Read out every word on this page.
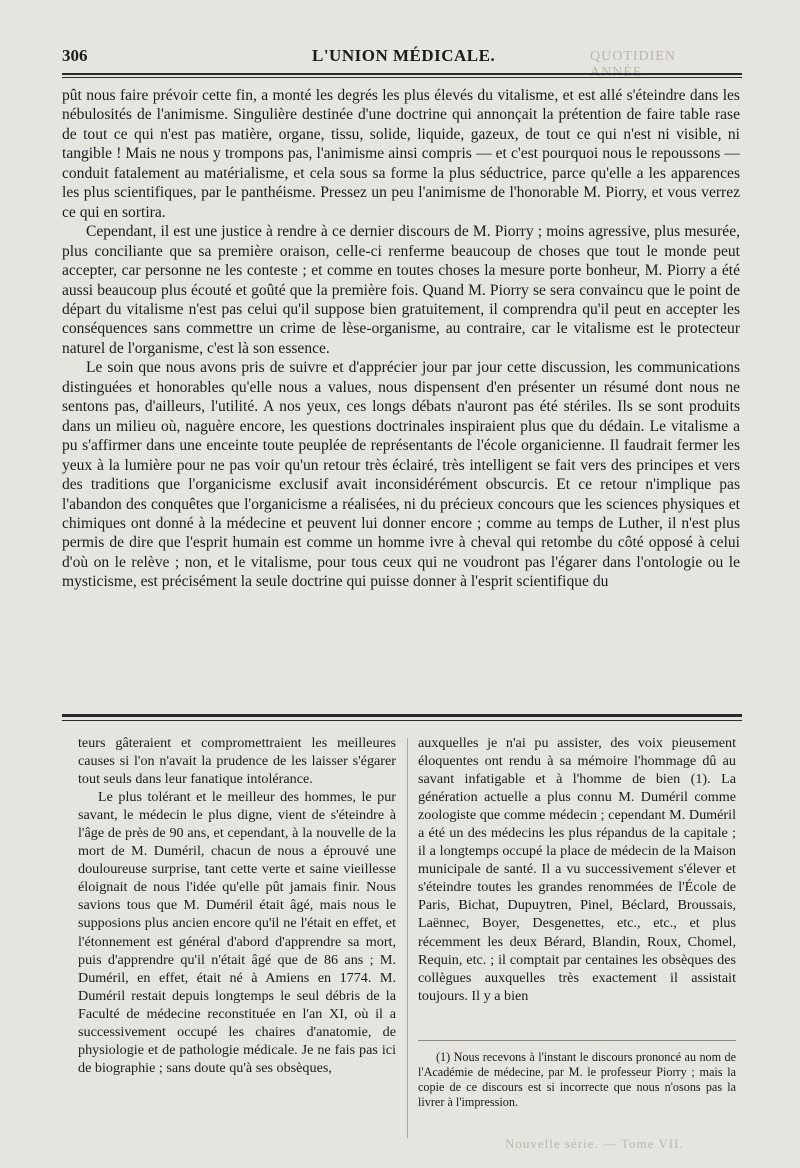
306	L'UNION MÉDICALE.	QUOTIDIEN

pût nous faire prévoir cette fin, a monté les degrés les plus élevés du vitalisme, et est allé s'éteindre dans les nébulosités de l'animisme. Singulière destinée d'une doctrine qui annonçait la prétention de faire table rase de tout ce qui n'est pas matière, organe, tissu, solide, liquide, gazeux, de tout ce qui n'est ni visible, ni tangible ! Mais ne nous y trompons pas, l'animisme ainsi compris — et c'est pourquoi nous le repoussons — conduit fatalement au matérialisme, et cela sous sa forme la plus séductrice, parce qu'elle a les apparences les plus scientifiques, par le panthéisme. Pressez un peu l'animisme de l'honorable M. Piorry, et vous verrez ce qui en sortira.

Cependant, il est une justice à rendre à ce dernier discours de M. Piorry ; moins agressive, plus mesurée, plus conciliante que sa première oraison, celle-ci renferme beaucoup de choses que tout le monde peut accepter, car personne ne les conteste ; et comme en toutes choses la mesure porte bonheur, M. Piorry a été aussi beaucoup plus écouté et goûté que la première fois. Quand M. Piorry se sera convaincu que le point de départ du vitalisme n'est pas celui qu'il suppose bien gratuitement, il comprendra qu'il peut en accepter les conséquences sans commettre un crime de lèse-organisme, au contraire, car le vitalisme est le protecteur naturel de l'organisme, c'est là son essence.

Le soin que nous avons pris de suivre et d'apprécier jour par jour cette discussion, les communications distinguées et honorables qu'elle nous a values, nous dispensent d'en présenter un résumé dont nous ne sentons pas, d'ailleurs, l'utilité. A nos yeux, ces longs débats n'auront pas été stériles. Ils se sont produits dans un milieu où, naguère encore, les questions doctrinales inspiraient plus que du dédain. Le vitalisme a pu s'affirmer dans une enceinte toute peuplée de représentants de l'école organicienne. Il faudrait fermer les yeux à la lumière pour ne pas voir qu'un retour très éclairé, très intelligent se fait vers des principes et vers des traditions que l'organicisme exclusif avait inconsidérément obscurcis. Et ce retour n'implique pas l'abandon des conquêtes que l'organicisme a réalisées, ni du précieux concours que les sciences physiques et chimiques ont donné à la médecine et peuvent lui donner encore ; comme au temps de Luther, il n'est plus permis de dire que l'esprit humain est comme un homme ivre à cheval qui retombe du côté opposé à celui d'où on le relève ; non, et le vitalisme, pour tous ceux qui ne voudront pas l'égarer dans l'ontologie ou le mysticisme, est précisément la seule doctrine qui puisse donner à l'esprit scientifique du

teurs gâteraient et compromettraient les meilleures causes si l'on n'avait la prudence de les laisser s'égarer tout seuls dans leur fanatique intolérance.

Le plus tolérant et le meilleur des hommes, le pur savant, le médecin le plus digne, vient de s'éteindre à l'âge de près de 90 ans, et cependant, à la nouvelle de la mort de M. Duméril, chacun de nous a éprouvé une douloureuse surprise, tant cette verte et saine vieillesse éloignait de nous l'idée qu'elle pût jamais finir. Nous savions tous que M. Duméril était âgé, mais nous le supposions plus ancien encore qu'il ne l'était en effet, et l'étonnement est général d'abord d'apprendre sa mort, puis d'apprendre qu'il n'était âgé que de 86 ans ; M. Duméril, en effet, était né à Amiens en 1774. M. Duméril restait depuis longtemps le seul débris de la Faculté de médecine reconstituée en l'an XI, où il a successivement occupé les chaires d'anatomie, de physiologie et de pathologie médicale. Je ne fais pas ici de biographie ; sans doute qu'à ses obsèques,

auxquelles je n'ai pu assister, des voix pieusement éloquentes ont rendu à sa mémoire l'hommage dû au savant infatigable et à l'homme de bien (1). La génération actuelle a plus connu M. Duméril comme zoologiste que comme médecin ; cependant M. Duméril a été un des médecins les plus répandus de la capitale ; il a longtemps occupé la place de médecin de la Maison municipale de santé. Il a vu successivement s'élever et s'éteindre toutes les grandes renommées de l'École de Paris, Bichat, Dupuytren, Pinel, Béclard, Broussais, Laënnec, Boyer, Desgenettes, etc., etc., et plus récemment les deux Bérard, Blandin, Roux, Chomel, Requin, etc. ; il comptait par centaines les obsèques des collègues auxquelles très exactement il assistait toujours. Il y a bien

(1) Nous recevons à l'instant le discours prononcé au nom de l'Académie de médecine, par M. le professeur Piorry ; mais la copie de ce discours est si incorrecte que nous n'osons pas la livrer à l'impression.

Nouvelle série. — Tome VII.
